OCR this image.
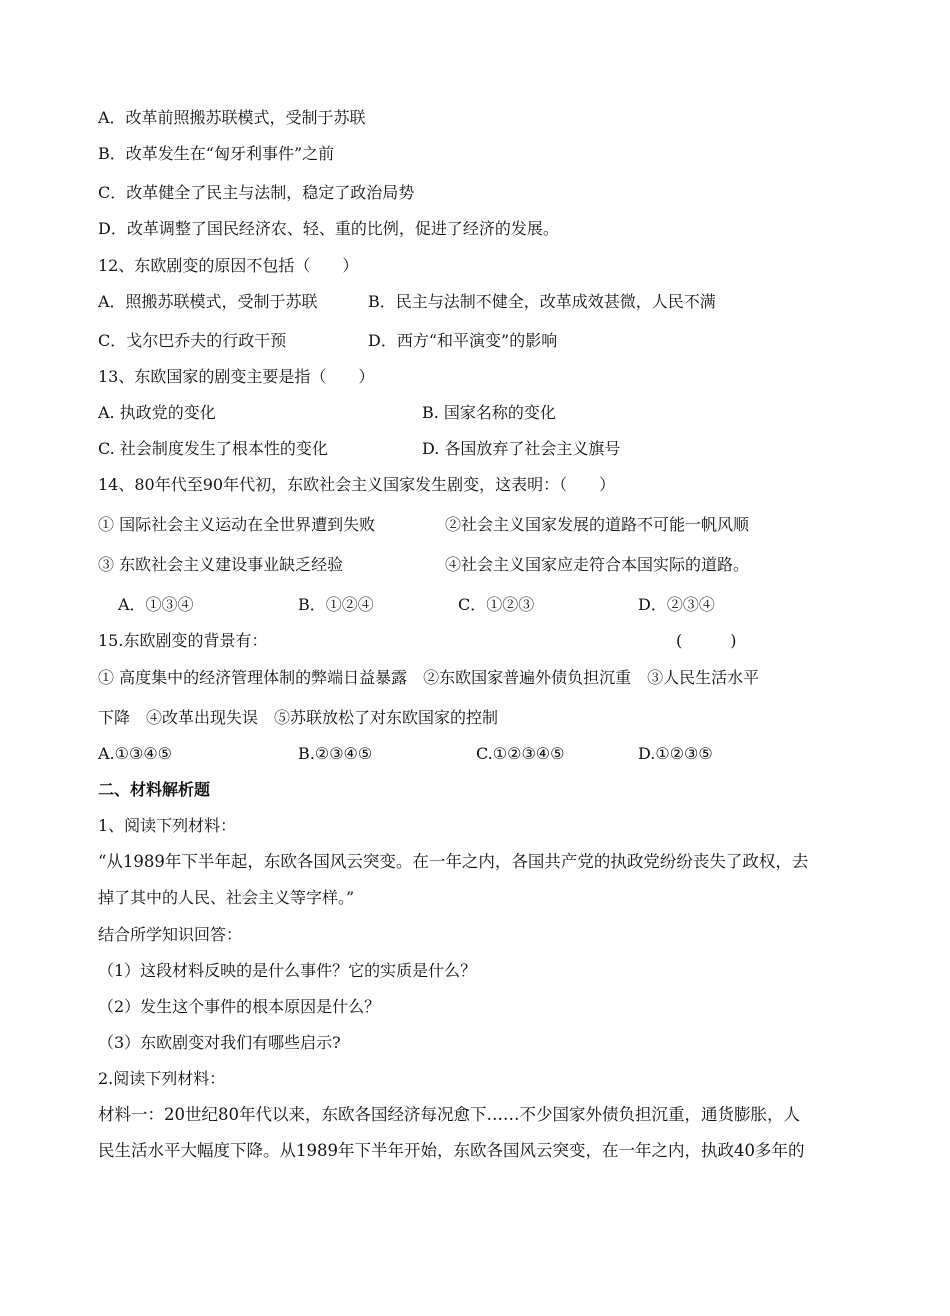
A．改革前照搬苏联模式，受制于苏联
B．改革发生在“匈牙利事件”之前
C．改革健全了民主与法制，稳定了政治局势
D．改革调整了国民经济农、轻、重的比例，促进了经济的发展。
12、东欧剧变的原因不包括（　　）
A．照搬苏联模式，受制于苏联	B．民主与法制不健全，改革成效甚微，人民不满
C．戈尔巴乔夫的行政干预	D．西方“和平演变”的影响
13、东欧国家的剧变主要是指（　　）
A. 执政党的变化	B. 国家名称的变化
C. 社会制度发生了根本性的变化	D. 各国放弃了社会主义旗号
14、80年代至90年代初，东欧社会主义国家发生剧变，这表明：（　　）
① 国际社会主义运动在全世界遭到失败	②社会主义国家发展的道路不可能一帆风顺
③ 东欧社会主义建设事业缺乏经验	④社会主义国家应走符合本国实际的道路。
A．①③④	B．①②④	C．①②③	D．②③④
15.东欧剧变的背景有：	(　　　)
① 高度集中的经济管理体制的弊端日益暴露　②东欧国家普遍外债负担沉重　③人民生活水平
下降　④改革出现失误　⑤苏联放松了对东欧国家的控制
A.①③④⑤	B.②③④⑤	C.①②③④⑤	D.①②③⑤
二、材料解析题
1、阅读下列材料：
“从1989年下半年起，东欧各国风云突变。在一年之内，各国共产党的执政党纷纷丧失了政权，去
掉了其中的人民、社会主义等字样。”
结合所学知识回答：
（1）这段材料反映的是什么事件？它的实质是什么？
（2）发生这个事件的根本原因是什么？
（3）东欧剧变对我们有哪些启示?
2.阅读下列材料：
材料一：20世纪80年代以来，东欧各国经济每况愈下……不少国家外债负担沉重，通货膨胀，人
民生活水平大幅度下降。从1989年下半年开始，东欧各国风云突变，在一年之内，执政40多年的
